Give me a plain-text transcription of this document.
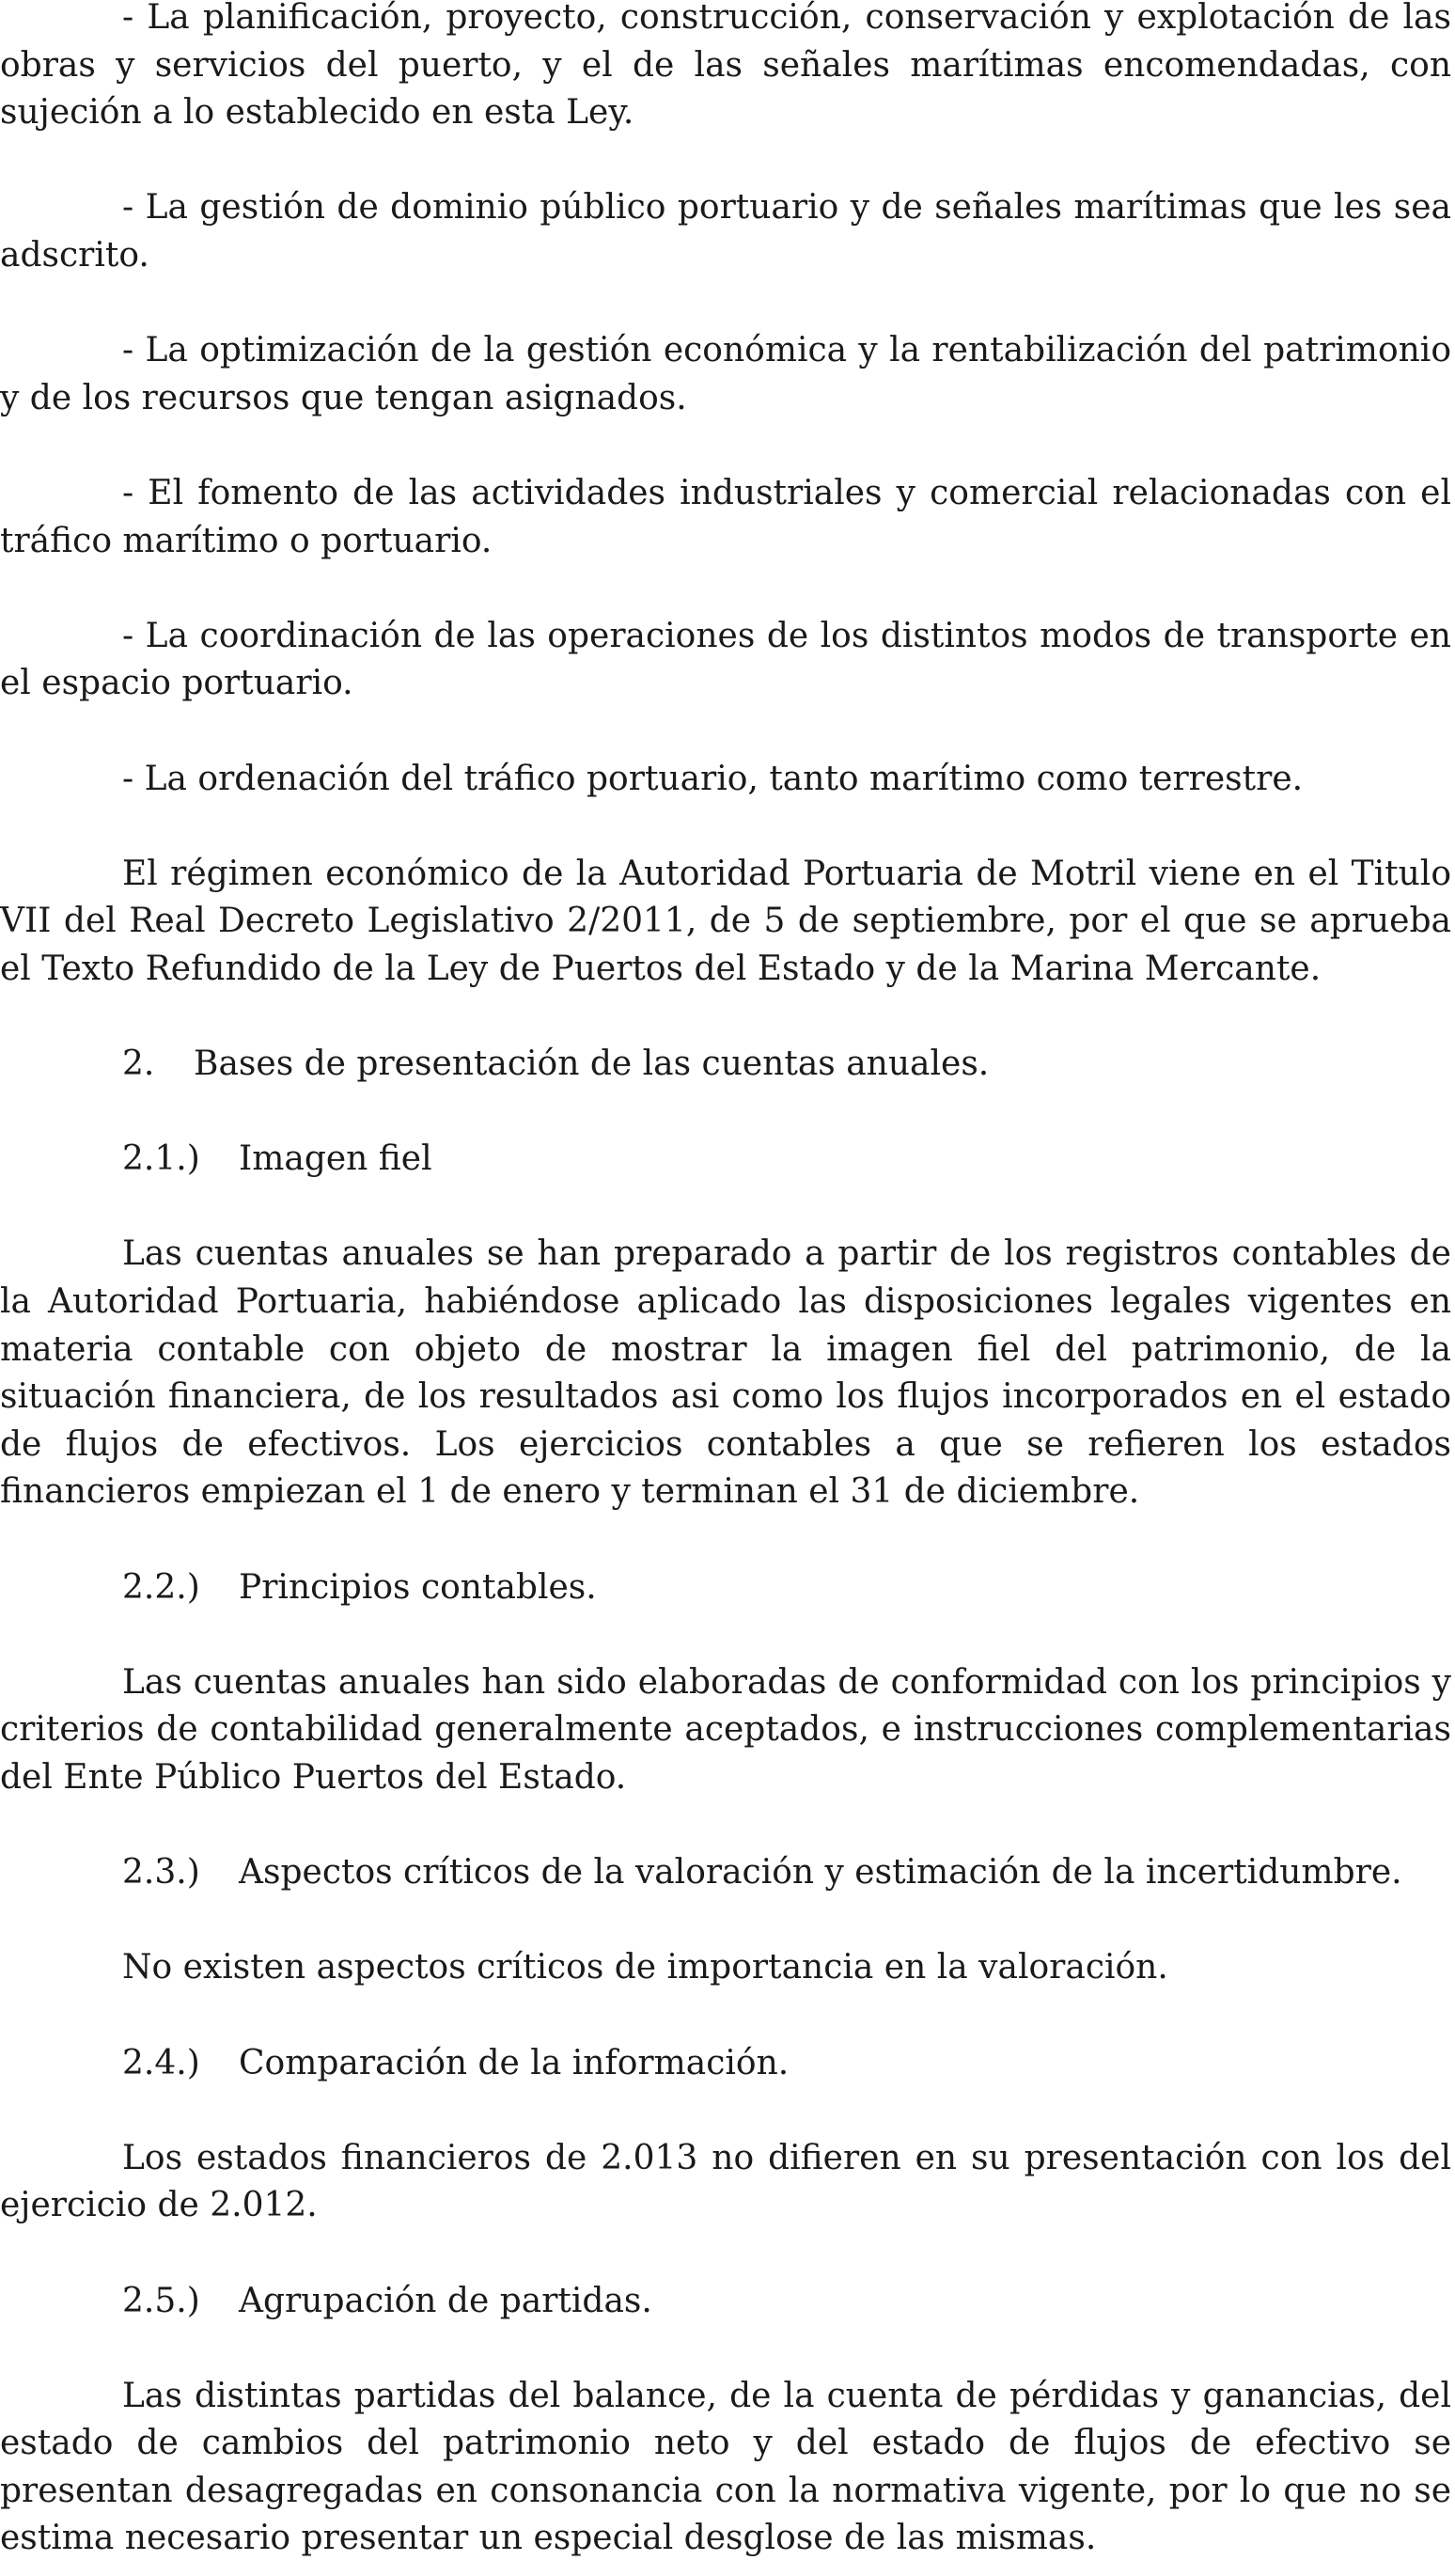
- La planificación, proyecto, construcción, conservación y explotación de las obras y servicios del puerto, y el de las señales marítimas encomendadas, con sujeción a lo establecido en esta Ley.

- La gestión de dominio público portuario y de señales marítimas que les sea adscrito.

- La optimización de la gestión económica y la rentabilización del patrimonio y de los recursos que tengan asignados.

- El fomento de las actividades industriales y comercial relacionadas con el tráfico marítimo o portuario.

- La coordinación de las operaciones de los distintos modos de transporte en el espacio portuario.

- La ordenación del tráfico portuario, tanto marítimo como terrestre.

El régimen económico de la Autoridad Portuaria de Motril viene en el Titulo VII del Real Decreto Legislativo 2/2011, de 5 de septiembre, por el que se aprueba el Texto Refundido de la Ley de Puertos del Estado y de la Marina Mercante.

2. Bases de presentación de las cuentas anuales.
2.1.) Imagen fiel

Las cuentas anuales se han preparado a partir de los registros contables de la Autoridad Portuaria, habiéndose aplicado las disposiciones legales vigentes en materia contable con objeto de mostrar la imagen fiel del patrimonio, de la situación financiera, de los resultados asi como los flujos incorporados en el estado de flujos de efectivos. Los ejercicios contables a que se refieren los estados financieros empiezan el 1 de enero y terminan el 31 de diciembre.

2.2.) Principios contables.

Las cuentas anuales han sido elaboradas de conformidad con los principios y criterios de contabilidad generalmente aceptados, e instrucciones complementarias del Ente Público Puertos del Estado.

2.3.) Aspectos críticos de la valoración y estimación de la incertidumbre.

No existen aspectos críticos de importancia en la valoración.

2.4.) Comparación de la información.

Los estados financieros de 2.013 no difieren en su presentación con los del ejercicio de 2.012.

2.5.) Agrupación de partidas.

Las distintas partidas del balance, de la cuenta de pérdidas y ganancias, del estado de cambios del patrimonio neto y del estado de flujos de efectivo se presentan desagregadas en consonancia con la normativa vigente, por lo que no se estima necesario presentar un especial desglose de las mismas.
